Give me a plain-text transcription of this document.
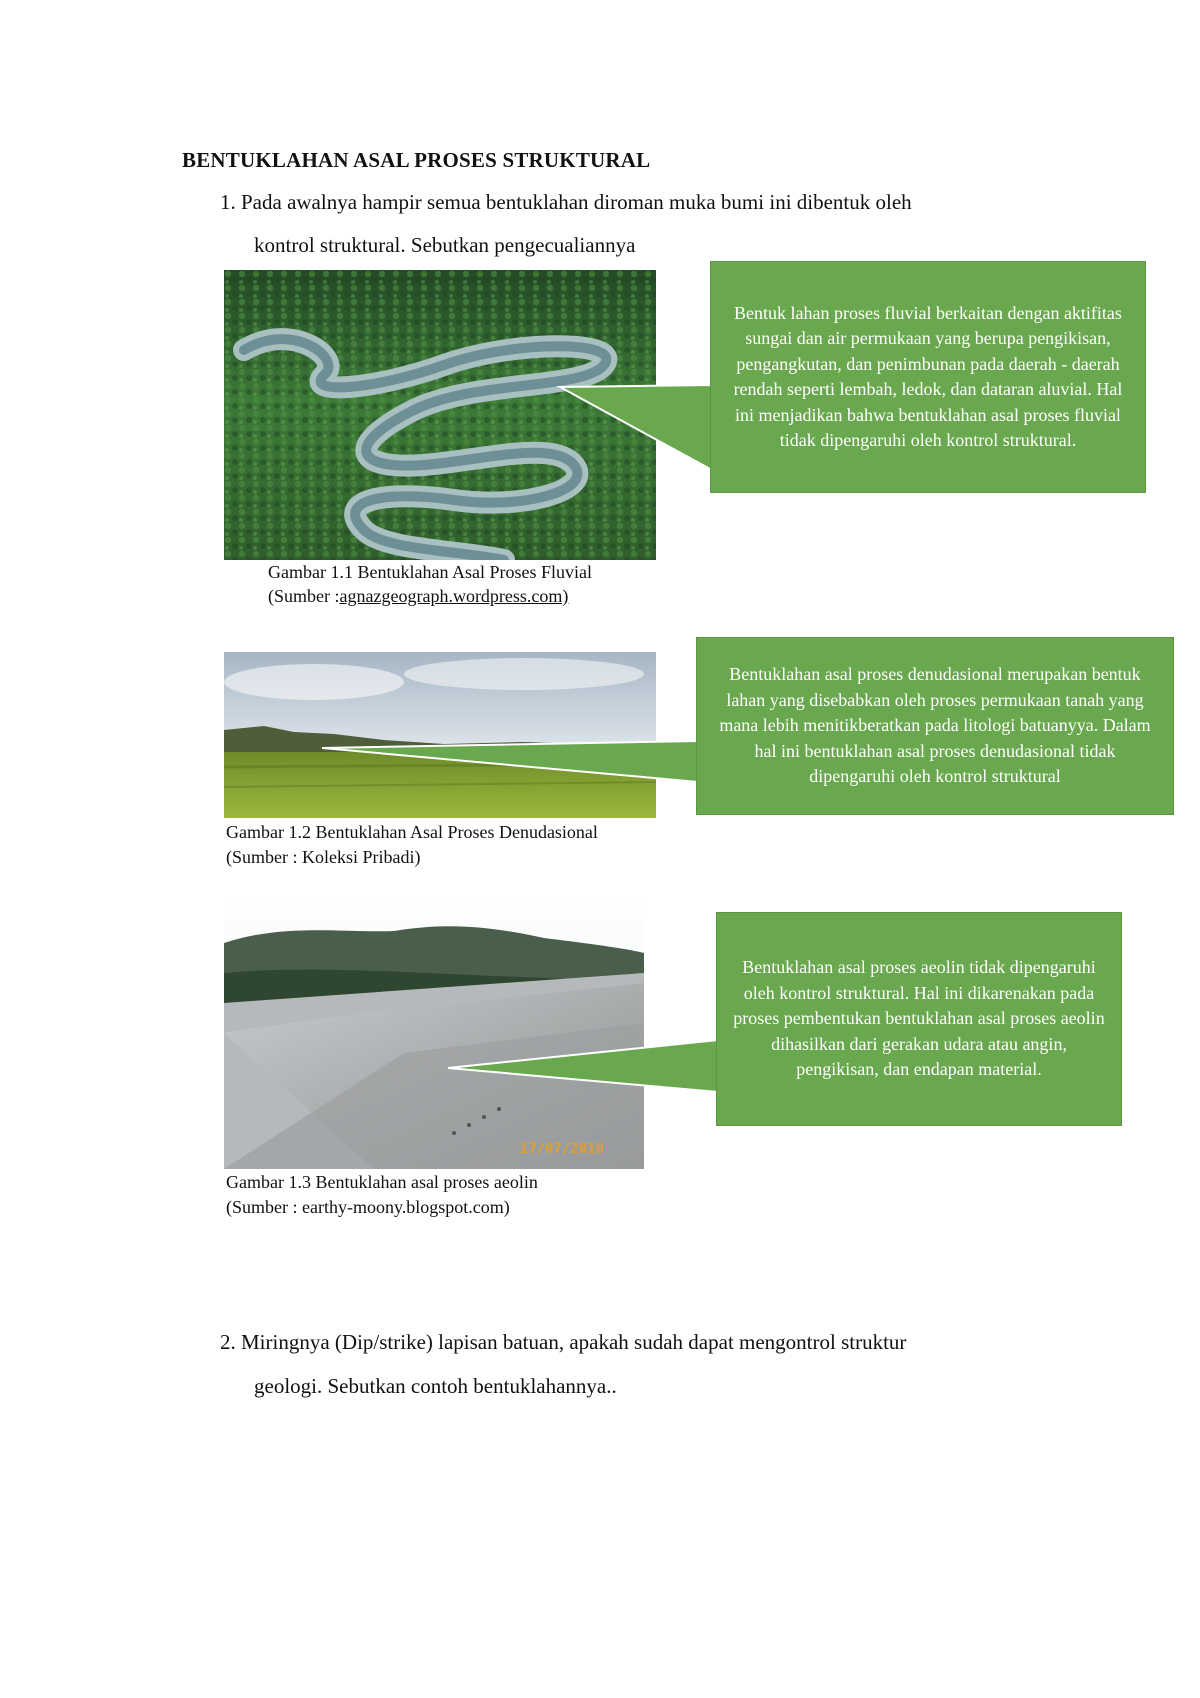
BENTUKLAHAN ASAL PROSES STRUKTURAL
1. Pada awalnya hampir semua bentuklahan diroman muka bumi ini dibentuk oleh
kontrol struktural. Sebutkan pengecualiannya
Gambar 1.1 Bentuklahan Asal Proses Fluvial
(Sumber :agnazgeograph.wordpress.com)
Bentuk lahan proses fluvial berkaitan dengan aktifitas sungai dan air permukaan yang berupa pengikisan, pengangkutan, dan penimbunan pada daerah - daerah rendah seperti lembah, ledok, dan dataran aluvial. Hal ini menjadikan bahwa bentuklahan asal proses fluvial tidak dipengaruhi oleh kontrol struktural.
Gambar 1.2 Bentuklahan Asal Proses Denudasional
(Sumber : Koleksi Pribadi)
Bentuklahan asal proses denudasional merupakan bentuk lahan yang disebabkan oleh proses permukaan tanah yang mana lebih menitikberatkan pada litologi batuanyya. Dalam hal ini bentuklahan asal proses denudasional tidak dipengaruhi oleh kontrol struktural
17/07/2010
Gambar 1.3 Bentuklahan asal proses aeolin
(Sumber : earthy-moony.blogspot.com)
Bentuklahan asal proses aeolin tidak dipengaruhi oleh kontrol struktural. Hal ini dikarenakan pada proses pembentukan bentuklahan asal proses aeolin dihasilkan dari gerakan udara atau angin, pengikisan, dan endapan material.
2. Miringnya (Dip/strike) lapisan batuan, apakah sudah dapat mengontrol struktur
geologi. Sebutkan contoh bentuklahannya..
